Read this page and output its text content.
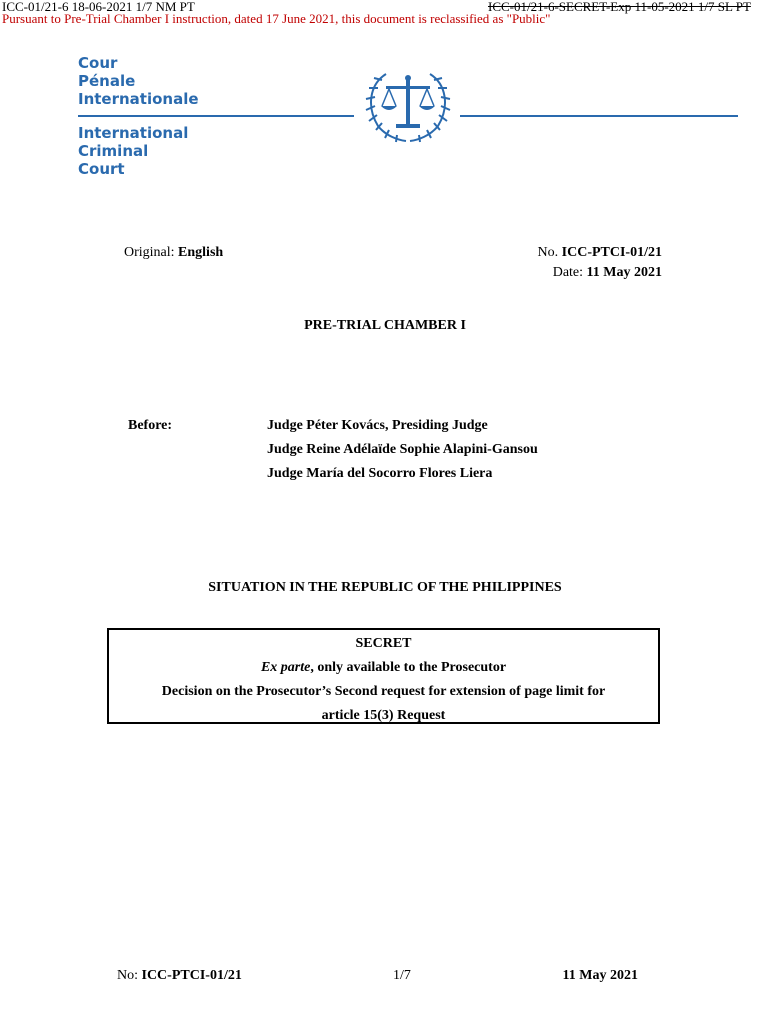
ICC-01/21-6 18-06-2021 1/7 NM PT	ICC-01/21-6-SECRET-Exp 11-05-2021 1/7 SL PT
Pursuant to Pre-Trial Chamber I instruction, dated 17 June 2021, this document is reclassified as "Public"
Cour
Pénale
Internationale
International
Criminal
Court
Original: English	No. ICC-PTCI-01/21
Date: 11 May 2021
PRE-TRIAL CHAMBER I
Before:	Judge Péter Kovács, Presiding Judge
Judge Reine Adélaïde Sophie Alapini-Gansou
Judge María del Socorro Flores Liera
SITUATION IN THE REPUBLIC OF THE PHILIPPINES
SECRET
Ex parte, only available to the Prosecutor
Decision on the Prosecutor’s Second request for extension of page limit for
article 15(3) Request
No: ICC-PTCI-01/21	1/7	11 May 2021
